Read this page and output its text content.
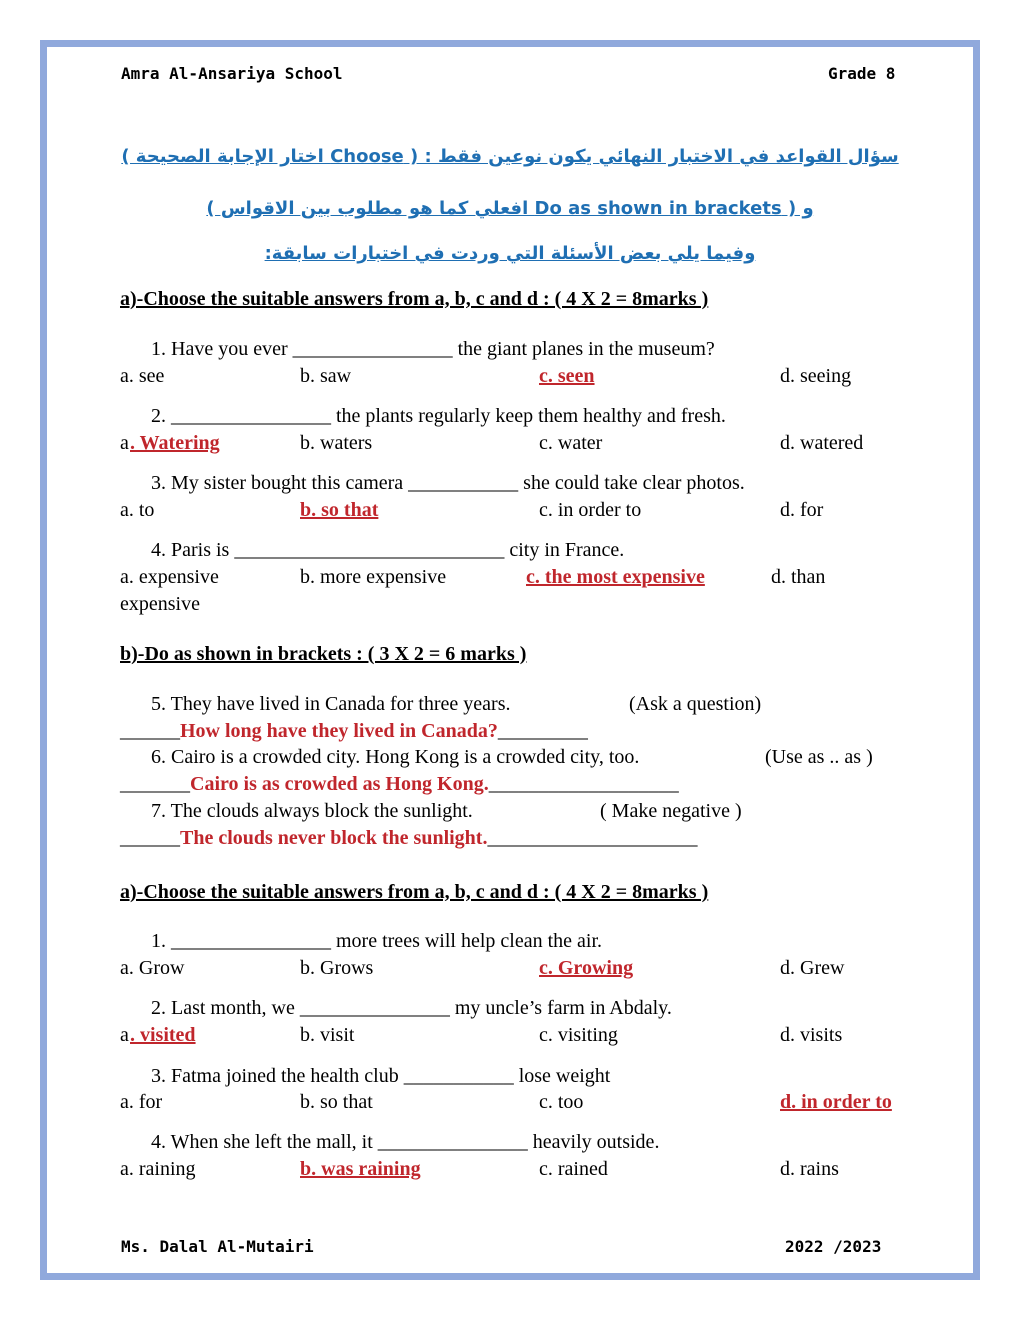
Amra Al-Ansariya School	Grade 8
سؤال القواعد في الاختبار النهائي يكون نوعين فقط : ( Choose اختار الإجابة الصحيحة )
و ( Do as shown in brackets افعلي كما هو مطلوب بين الاقواس )
وفيما يلي بعض الأسئلة التي وردت في اختبارات سابقة:
a)-Choose the suitable answers from a, b, c and d : ( 4 X 2 = 8marks )
1. Have you ever ________________ the giant planes in the museum?
a. see	b. saw	c. seen	d. seeing
2. ________________ the plants regularly keep them healthy and fresh.
a . Watering	b. waters	c. water	d. watered
3. My sister bought this camera ___________ she could take clear photos.
a. to	b. so that	c. in order to	d. for
4. Paris is ___________________________ city in France.
a. expensive	b. more expensive	c. the most expensive	d. than
expensive
b)-Do as shown in brackets : ( 3 X 2 = 6 marks )
5. They have lived in Canada for three years.	(Ask a question)
______How long have they lived in Canada?_________
6. Cairo is a crowded city. Hong Kong is a crowded city, too.	(Use as .. as )
_______Cairo is as crowded as Hong Kong.___________________
7. The clouds always block the sunlight.	( Make negative )
______The clouds never block the sunlight._____________________
a)-Choose the suitable answers from a, b, c and d : ( 4 X 2 = 8marks )
1. ________________ more trees will help clean the air.
a. Grow	b. Grows	c. Growing	d. Grew
2. Last month, we _______________ my uncle’s farm in Abdaly.
a . visited	b. visit	c. visiting	d. visits
3. Fatma joined the health club ___________ lose weight
a. for	b. so that	c. too	d. in order to
4. When she left the mall, it _______________ heavily outside.
a. raining	b. was raining	c. rained	d. rains
Ms. Dalal Al-Mutairi	2022 /2023
